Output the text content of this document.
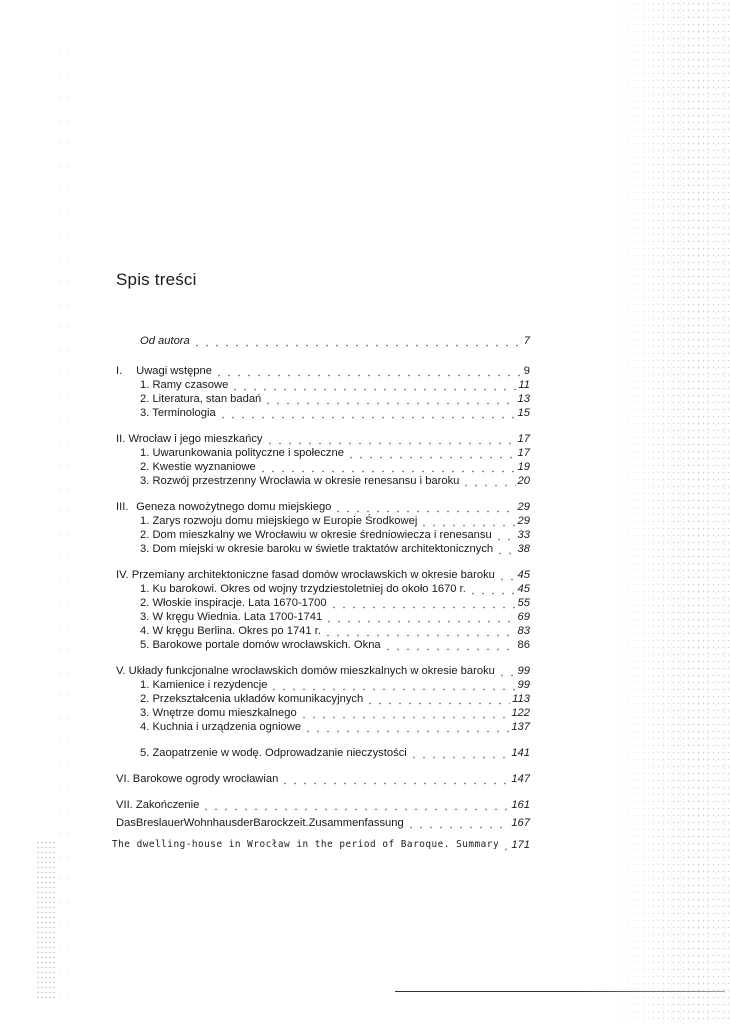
Spis treści
Od autora	7
I. Uwagi wstępne	9
1. Ramy czasowe	11
2. Literatura, stan badań	13
3. Terminologia	15
II. Wrocław i jego mieszkańcy	17
1. Uwarunkowania polityczne i społeczne	17
2. Kwestie wyznaniowe	19
3. Rozwój przestrzenny Wrocławia w okresie renesansu i baroku	20
III. Geneza nowożytnego domu miejskiego	29
1. Zarys rozwoju domu miejskiego w Europie Środkowej	29
2. Dom mieszkalny we Wrocławiu w okresie średniowiecza i renesansu 33
3. Dom miejski w okresie baroku w świetle traktatów architektonicznych 38
IV. Przemiany architektoniczne fasad domów wrocławskich w okresie baroku 45
1. Ku barokowi. Okres od wojny trzydziestoletniej do około 1670 r.	45
2. Włoskie inspiracje. Lata 1670-1700	55
3. W kręgu Wiednia. Lata 1700-1741	69
4. W kręgu Berlina. Okres po 1741 r.	83
5. Barokowe portale domów wrocławskich. Okna	86
V. Układy funkcjonalne wrocławskich domów mieszkalnych w okresie baroku 99
1. Kamienice i rezydencje	99
2. Przekształcenia układów komunikacyjnych	113
3. Wnętrze domu mieszkalnego	122
4. Kuchnia i urządzenia ogniowe	137
5. Zaopatrzenie w wodę. Odprowadzanie nieczystości	141
VI. Barokowe ogrody wrocławian	147
VII. Zakończenie	161
DasBreslauerWohnhausderBarockzeit.Zusammenfassung	167
The dwelling-house in Wrocław in the period of Baroque. Summary 171
